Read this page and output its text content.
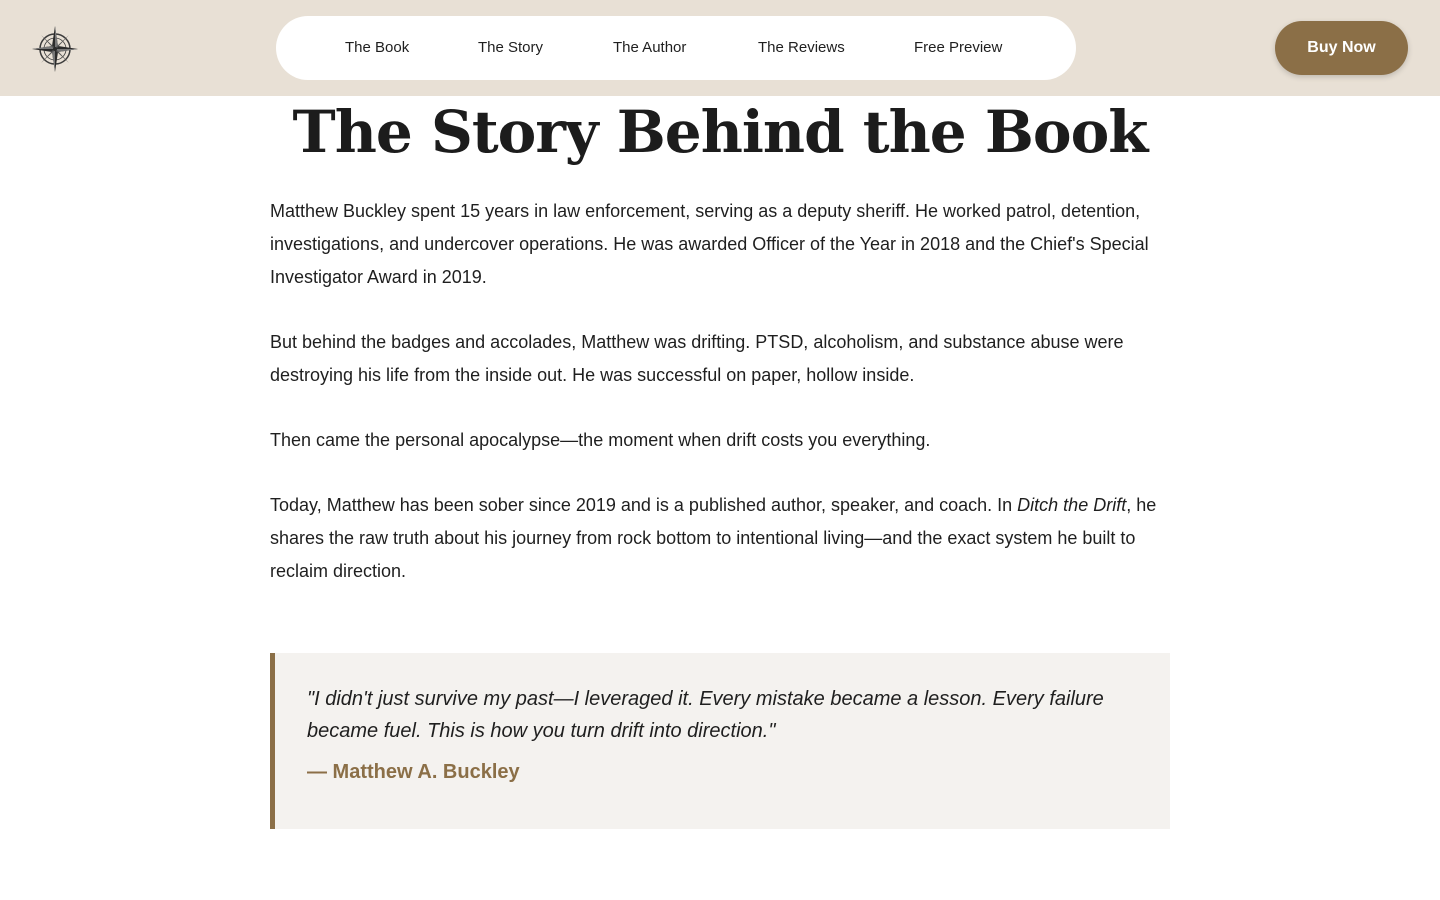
The Book	The Story	The Author	The Reviews	Free Preview	Buy Now
The Story Behind the Book

Matthew Buckley spent 15 years in law enforcement, serving as a deputy sheriff. He worked patrol, detention, investigations, and undercover operations. He was awarded Officer of the Year in 2018 and the Chief's Special Investigator Award in 2019.

But behind the badges and accolades, Matthew was drifting. PTSD, alcoholism, and substance abuse were destroying his life from the inside out. He was successful on paper, hollow inside.

Then came the personal apocalypse—the moment when drift costs you everything.

Today, Matthew has been sober since 2019 and is a published author, speaker, and coach. In Ditch the Drift, he shares the raw truth about his journey from rock bottom to intentional living—and the exact system he built to reclaim direction.

"I didn't just survive my past—I leveraged it. Every mistake became a lesson. Every failure became fuel. This is how you turn drift into direction."

— Matthew A. Buckley
